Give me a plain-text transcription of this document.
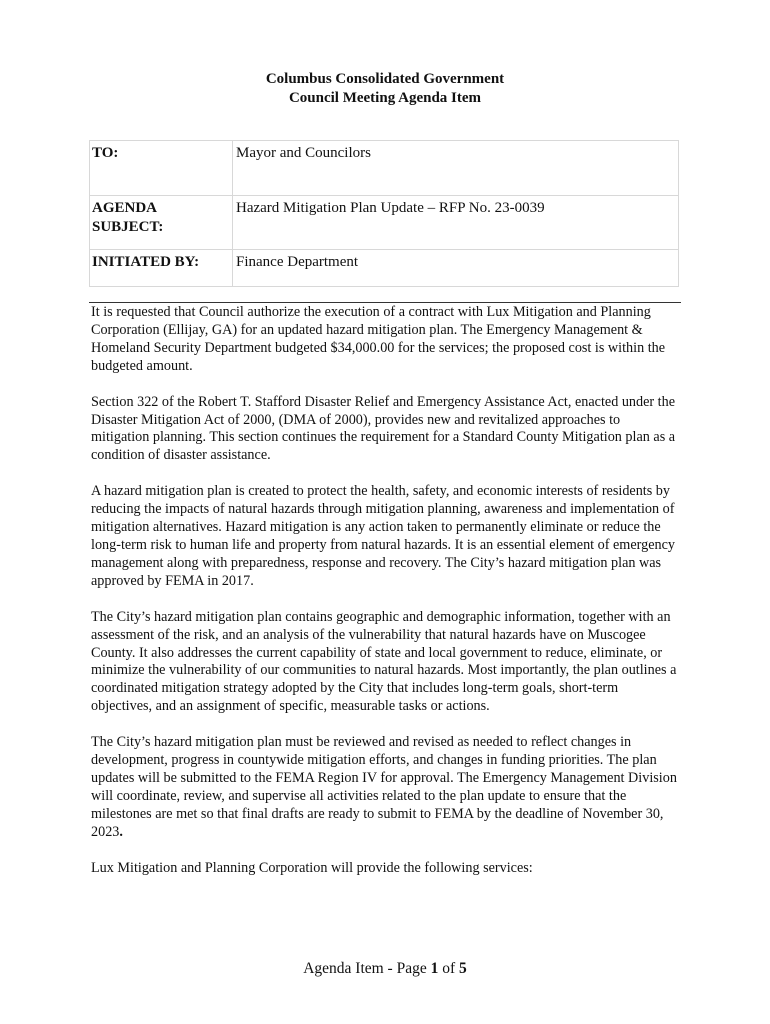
Columbus Consolidated Government
Council Meeting Agenda Item
TO:	Mayor and Councilors

AGENDA
SUBJECT:	Hazard Mitigation Plan Update – RFP No. 23-0039
INITIATED BY:	Finance Department

It is requested that Council authorize the execution of a contract with Lux Mitigation and Planning Corporation (Ellijay, GA) for an updated hazard mitigation plan. The Emergency Management & Homeland Security Department budgeted $34,000.00 for the services; the proposed cost is within the budgeted amount.

Section 322 of the Robert T. Stafford Disaster Relief and Emergency Assistance Act, enacted under the Disaster Mitigation Act of 2000, (DMA of 2000), provides new and revitalized approaches to mitigation planning. This section continues the requirement for a Standard County Mitigation plan as a condition of disaster assistance.

A hazard mitigation plan is created to protect the health, safety, and economic interests of residents by reducing the impacts of natural hazards through mitigation planning, awareness and implementation of mitigation alternatives. Hazard mitigation is any action taken to permanently eliminate or reduce the long-term risk to human life and property from natural hazards. It is an essential element of emergency management along with preparedness, response and recovery. The City’s hazard mitigation plan was approved by FEMA in 2017.

The City’s hazard mitigation plan contains geographic and demographic information, together with an assessment of the risk, and an analysis of the vulnerability that natural hazards have on Muscogee County. It also addresses the current capability of state and local government to reduce, eliminate, or minimize the vulnerability of our communities to natural hazards. Most importantly, the plan outlines a coordinated mitigation strategy adopted by the City that includes long-term goals, short-term objectives, and an assignment of specific, measurable tasks or actions.

The City’s hazard mitigation plan must be reviewed and revised as needed to reflect changes in development, progress in countywide mitigation efforts, and changes in funding priorities. The plan updates will be submitted to the FEMA Region IV for approval. The Emergency Management Division will coordinate, review, and supervise all activities related to the plan update to ensure that the milestones are met so that final drafts are ready to submit to FEMA by the deadline of November 30, 2023.

Lux Mitigation and Planning Corporation will provide the following services:

Agenda Item - Page 1 of 5
